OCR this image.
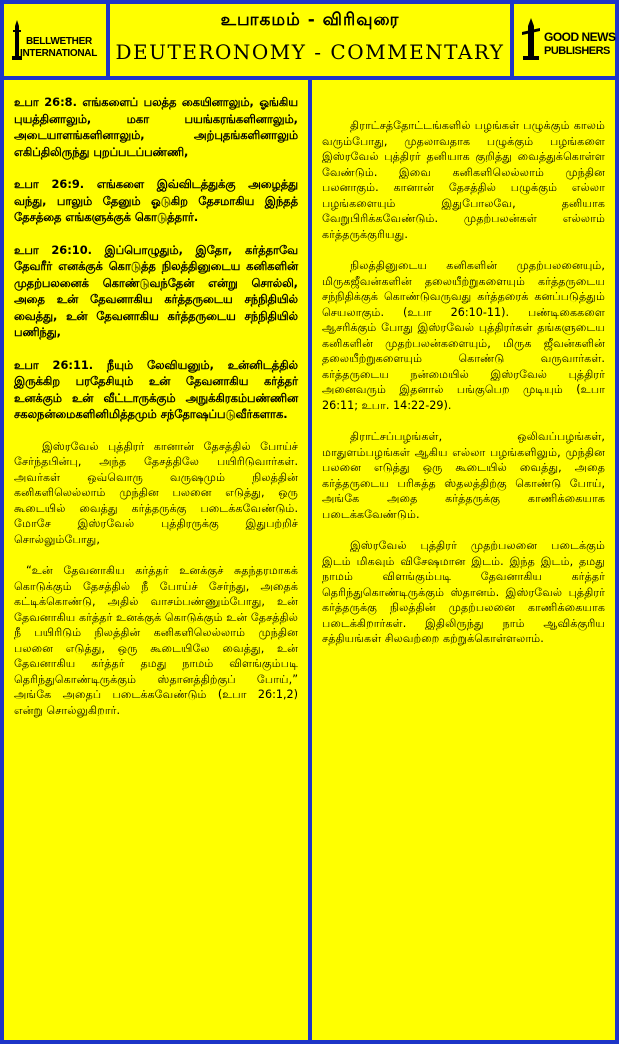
BELLWETHER
INTERNATIONAL
உபாகமம் - விரிவுரை
DEUTERONOMY - COMMENTARY
GOOD NEWS
PUBLISHERS

உபா 26:8. எங்களைப் பலத்த கையினாலும், ஓங்கிய புயத்தினாலும், மகா பயங்கரங்களினாலும், அடையாளங்களினாலும், அற்புதங்களினாலும் எகிப்திலிருந்து புறப்படப்பண்ணி,

உபா 26:9. எங்களை இவ்விடத்துக்கு அழைத்து வந்து, பாலும் தேனும் ஓடுகிற தேசமாகிய இந்தத் தேசத்தை எங்களுக்குக் கொடுத்தார்.

உபா 26:10. இப்பொழுதும், இதோ, கர்த்தாவே தேவரீர் எனக்குக் கொடுத்த நிலத்தினுடைய கனிகளின் முதற்பலனைக் கொண்டுவந்தேன் என்று சொல்லி, அதை உன் தேவனாகிய கர்த்தருடைய சந்நிதியில் வைத்து, உன் தேவனாகிய கர்த்தருடைய சந்நிதியில் பணிந்து,

உபா 26:11. நீயும் லேவியனும், உன்னிடத்தில் இருக்கிற பரதேசியும் உன் தேவனாகிய கர்த்தர் உனக்கும் உன் வீட்டாருக்கும் அநுக்கிரகம்பண்ணின சகலநன்மைகளினிமித்தமும் சந்தோஷப்படுவீர்களாக.

இஸ்ரவேல் புத்திரர் கானான் தேசத்தில் போய்ச் சேர்ந்தபின்பு, அந்த தேசத்திலே பயிரிடுவார்கள். அவர்கள் ஒவ்வொரு வருஷமும் நிலத்தின் கனிகளிலெல்லாம் முந்தின பலனை எடுத்து, ஒரு கூடையில் வைத்து கர்த்தருக்கு படைக்கவேண்டும். மோசே இஸ்ரவேல் புத்திரருக்கு இதுபற்றிச் சொல்லும்போது,

“உன் தேவனாகிய கர்த்தர் உனக்குச் சுதந்தரமாகக் கொடுக்கும் தேசத்தில் நீ போய்ச் சேர்ந்து, அதைக் கட்டிக்கொண்டு, அதில் வாசம்பண்ணும்போது, உன் தேவனாகிய கர்த்தர் உனக்குக் கொடுக்கும் உன் தேசத்தில் நீ பயிரிடும் நிலத்தின் கனிகளிலெல்லாம் முந்தின பலனை எடுத்து, ஒரு கூடையிலே வைத்து, உன் தேவனாகிய கர்த்தர் தமது நாமம் விளங்கும்படி தெரிந்துகொண்டிருக்கும் ஸ்தானத்திற்குப் போய்,” அங்கே அதைப் படைக்கவேண்டும் (உபா 26:1,2) என்று சொல்லுகிறார்.

திராட்சத்தோட்டங்களில் பழங்கள் பழுக்கும் காலம் வரும்போது, முதலாவதாக பழுக்கும் பழங்களை இஸ்ரவேல் புத்திரர் தனியாக குறித்து வைத்துக்கொள்ள வேண்டும். இவை கனிகளிலெல்லாம் முந்தின பலனாகும். கானான் தேசத்தில் பழுக்கும் எல்லா பழங்களையும் இதுபோலவே, தனியாக வேறுபிரிக்கவேண்டும். முதற்பலன்கள் எல்லாம் கர்த்தருக்குரியது.

நிலத்தினுடைய கனிகளின் முதற்பலனையும், மிருகஜீவன்களின் தலையீற்றுகளையும் கர்த்தருடைய சந்நிதிக்குக் கொண்டுவருவது கர்த்தரைக் கனப்படுத்தும் செயலாகும். (உபா 26:10-11). பண்டிகைகளை ஆசரிக்கும் போது இஸ்ரவேல் புத்திரர்கள் தங்களுடைய கனிகளின் முதற்பலன்களையும், மிருக ஜீவன்களின் தலையீற்றுகளையும் கொண்டு வருவார்கள். கர்த்தருடைய நன்மையில் இஸ்ரவேல் புத்திரர் அனைவரும் இதனால் பங்குபெற முடியும் (உபா 26:11; உபா. 14:22-29).

திராட்சப்பழங்கள், ஒலிவப்பழங்கள், மாதுளம்பழங்கள் ஆகிய எல்லா பழங்களிலும், முந்தின பலனை எடுத்து ஒரு கூடையில் வைத்து, அதை கர்த்தருடைய பரிசுத்த ஸ்தலத்திற்கு கொண்டு போய், அங்கே அதை கர்த்தருக்கு காணிக்கையாக படைக்கவேண்டும்.

இஸ்ரவேல் புத்திரர் முதற்பலனை படைக்கும் இடம் மிகவும் விசேஷமான இடம். இந்த இடம், தமது நாமம் விளங்கும்படி தேவனாகிய கர்த்தர் தெரிந்துகொண்டிருக்கும் ஸ்தானம். இஸ்ரவேல் புத்திரர் கர்த்தருக்கு நிலத்தின் முதற்பலனை காணிக்கையாக படைக்கிறார்கள். இதிலிருந்து நாம் ஆவிக்குரிய சத்தியங்கள் சிலவற்றை கற்றுக்கொள்ளலாம்.
